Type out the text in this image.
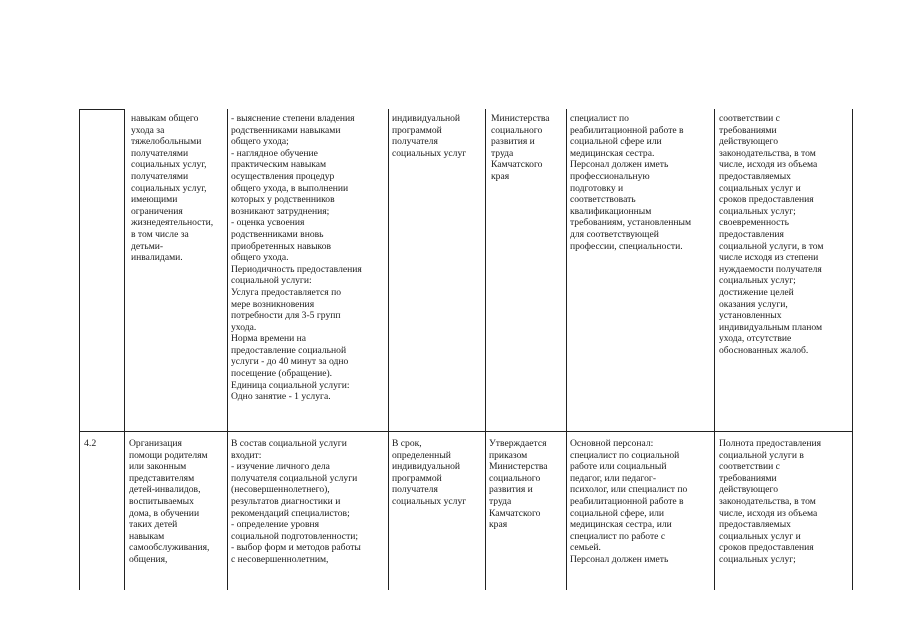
навыкам общего
ухода за
тяжелобольными
получателями
социальных услуг,
получателями
социальных услуг,
имеющими
ограничения
жизнедеятельности,
в том числе за
детьми-
инвалидами.
- выяснение степени владения
родственниками навыками
общего ухода;
- наглядное обучение
практическим навыкам
осуществления процедур
общего ухода, в выполнении
которых у родственников
возникают затруднения;
- оценка усвоения
родственниками вновь
приобретенных навыков
общего ухода.
Периодичность предоставления
социальной услуги:
Услуга предоставляется по
мере возникновения
потребности для 3-5 групп
ухода.
Норма времени на
предоставление социальной
услуги - до 40 минут за одно
посещение (обращение).
Единица социальной услуги:
Одно занятие - 1 услуга.
индивидуальной
программой
получателя
социальных услуг
Министерства
социального
развития и
труда
Камчатского
края
специалист по
реабилитационной работе в
социальной сфере или
медицинская сестра.
Персонал должен иметь
профессиональную
подготовку и
соответствовать
квалификационным
требованиям, установленным
для соответствующей
профессии, специальности.
соответствии с
требованиями
действующего
законодательства, в том
числе, исходя из объема
предоставляемых
социальных услуг и
сроков предоставления
социальных услуг;
своевременность
предоставления
социальной услуги, в том
числе исходя из степени
нуждаемости получателя
социальных услуг;
достижение целей
оказания услуги,
установленных
индивидуальным планом
ухода, отсутствие
обоснованных жалоб.
4.2	Организация
помощи родителям
или законным
представителям
детей-инвалидов,
воспитываемых
дома, в обучении
таких детей
навыкам
самообслуживания,
общения,
В состав социальной услуги
входит:
- изучение личного дела
получателя социальной услуги
(несовершеннолетнего),
результатов диагностики и
рекомендаций специалистов;
- определение уровня
социальной подготовленности;
- выбор форм и методов работы
с несовершеннолетним,
В срок,
определенный
индивидуальной
программой
получателя
социальных услуг
Утверждается
приказом
Министерства
социального
развития и
труда
Камчатского
края
Основной персонал:
специалист по социальной
работе или социальный
педагог, или педагог-
психолог, или специалист по
реабилитационной работе в
социальной сфере, или
медицинская сестра, или
специалист по работе с
семьей.
Персонал должен иметь
Полнота предоставления
социальной услуги в
соответствии с
требованиями
действующего
законодательства, в том
числе, исходя из объема
предоставляемых
социальных услуг и
сроков предоставления
социальных услуг;
